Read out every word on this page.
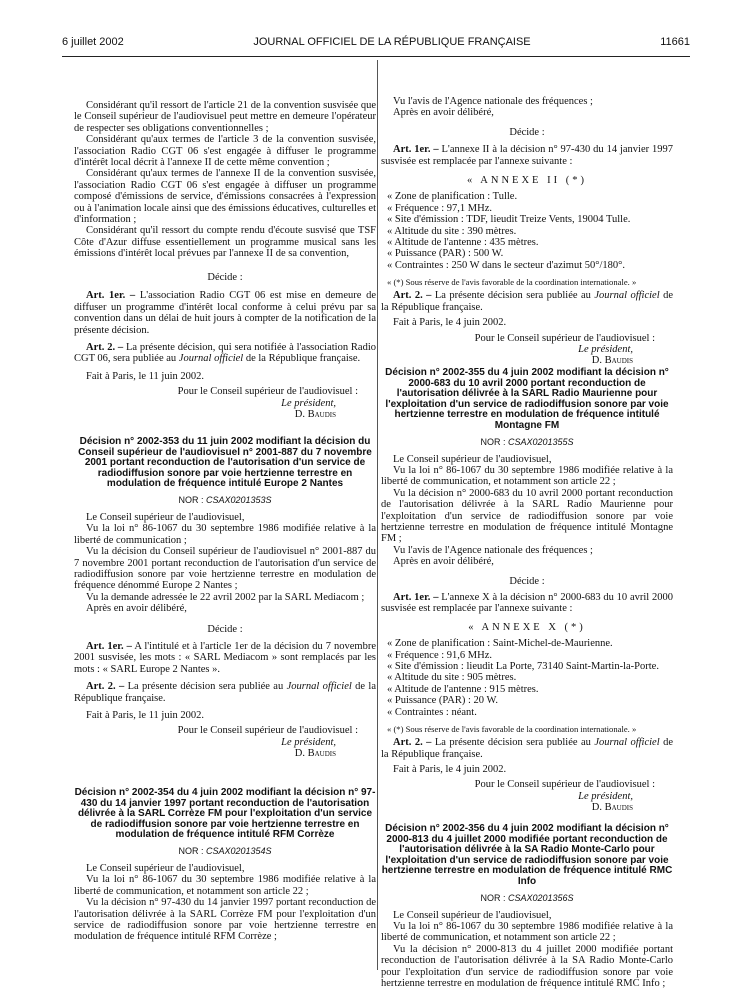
6 juillet 2002	JOURNAL OFFICIEL DE LA RÉPUBLIQUE FRANÇAISE	11661

Considérant qu'il ressort de l'article 21 de la convention susvisée que le Conseil supérieur de l'audiovisuel peut mettre en demeure l'opérateur de respecter ses obligations conventionnelles ;

Considérant qu'aux termes de l'article 3 de la convention susvisée, l'association Radio CGT 06 s'est engagée à diffuser le programme d'intérêt local décrit à l'annexe II de cette même convention ;

Considérant qu'aux termes de l'annexe II de la convention susvisée, l'association Radio CGT 06 s'est engagée à diffuser un programme composé d'émissions de service, d'émissions consacrées à l'expression ou à l'animation locale ainsi que des émissions éducatives, culturelles et d'information ;

Considérant qu'il ressort du compte rendu d'écoute susvisé que TSF Côte d'Azur diffuse essentiellement un programme musical sans les émissions d'intérêt local prévues par l'annexe II de sa convention,

Décide :

Art. 1er. – L'association Radio CGT 06 est mise en demeure de diffuser un programme d'intérêt local conforme à celui prévu par sa convention dans un délai de huit jours à compter de la notification de la présente décision.

Art. 2. – La présente décision, qui sera notifiée à l'association Radio CGT 06, sera publiée au Journal officiel de la République française.

Fait à Paris, le 11 juin 2002.

Pour le Conseil supérieur de l'audiovisuel :

Le président,

D. Baudis

Décision n° 2002-353 du 11 juin 2002 modifiant la décision du Conseil supérieur de l'audiovisuel n° 2001-887 du 7 novembre 2001 portant reconduction de l'autorisation d'un service de radiodiffusion sonore par voie hertzienne terrestre en modulation de fréquence intitulé Europe 2 Nantes
NOR : CSAX0201353S

Le Conseil supérieur de l'audiovisuel,

Vu la loi n° 86-1067 du 30 septembre 1986 modifiée relative à la liberté de communication ;

Vu la décision du Conseil supérieur de l'audiovisuel n° 2001-887 du 7 novembre 2001 portant reconduction de l'autorisation d'un service de radiodiffusion sonore par voie hertzienne terrestre en modulation de fréquence dénommé Europe 2 Nantes ;

Vu la demande adressée le 22 avril 2002 par la SARL Mediacom ;

Après en avoir délibéré,

Décide :

Art. 1er. – A l'intitulé et à l'article 1er de la décision du 7 novembre 2001 susvisée, les mots : « SARL Mediacom » sont remplacés par les mots : « SARL Europe 2 Nantes ».

Art. 2. – La présente décision sera publiée au Journal officiel de la République française.

Fait à Paris, le 11 juin 2002.

Pour le Conseil supérieur de l'audiovisuel :

Le président,

D. Baudis

Décision n° 2002-354 du 4 juin 2002 modifiant la décision n° 97-430 du 14 janvier 1997 portant reconduction de l'autorisation délivrée à la SARL Corrèze FM pour l'exploitation d'un service de radiodiffusion sonore par voie hertzienne terrestre en modulation de fréquence intitulé RFM Corrèze
NOR : CSAX0201354S

Le Conseil supérieur de l'audiovisuel,

Vu la loi n° 86-1067 du 30 septembre 1986 modifiée relative à la liberté de communication, et notamment son article 22 ;

Vu la décision n° 97-430 du 14 janvier 1997 portant reconduction de l'autorisation délivrée à la SARL Corrèze FM pour l'exploitation d'un service de radiodiffusion sonore par voie hertzienne terrestre en modulation de fréquence intitulé RFM Corrèze ;

Vu l'avis de l'Agence nationale des fréquences ;

Après en avoir délibéré,

Décide :

Art. 1er. – L'annexe II à la décision n° 97-430 du 14 janvier 1997 susvisée est remplacée par l'annexe suivante :

« ANNEXE II (*)

« Zone de planification : Tulle.
« Fréquence : 97,1 MHz.
« Site d'émission : TDF, lieudit Treize Vents, 19004 Tulle.
« Altitude du site : 390 mètres.
« Altitude de l'antenne : 435 mètres.
« Puissance (PAR) : 500 W.
« Contraintes : 250 W dans le secteur d'azimut 50°/180°.

« (*) Sous réserve de l'avis favorable de la coordination internationale. »

Art. 2. – La présente décision sera publiée au Journal officiel de la République française.

Fait à Paris, le 4 juin 2002.

Pour le Conseil supérieur de l'audiovisuel :

Le président,

D. Baudis

Décision n° 2002-355 du 4 juin 2002 modifiant la décision n° 2000-683 du 10 avril 2000 portant reconduction de l'autorisation délivrée à la SARL Radio Maurienne pour l'exploitation d'un service de radiodiffusion sonore par voie hertzienne terrestre en modulation de fréquence intitulé Montagne FM
NOR : CSAX0201355S

Le Conseil supérieur de l'audiovisuel,

Vu la loi n° 86-1067 du 30 septembre 1986 modifiée relative à la liberté de communication, et notamment son article 22 ;

Vu la décision n° 2000-683 du 10 avril 2000 portant reconduction de l'autorisation délivrée à la SARL Radio Maurienne pour l'exploitation d'un service de radiodiffusion sonore par voie hertzienne terrestre en modulation de fréquence intitulé Montagne FM ;

Vu l'avis de l'Agence nationale des fréquences ;

Après en avoir délibéré,

Décide :

Art. 1er. – L'annexe X à la décision n° 2000-683 du 10 avril 2000 susvisée est remplacée par l'annexe suivante :

« ANNEXE X (*)

« Zone de planification : Saint-Michel-de-Maurienne.
« Fréquence : 91,6 MHz.
« Site d'émission : lieudit La Porte, 73140 Saint-Martin-la-Porte.
« Altitude du site : 905 mètres.
« Altitude de l'antenne : 915 mètres.
« Puissance (PAR) : 20 W.
« Contraintes : néant.

« (*) Sous réserve de l'avis favorable de la coordination internationale. »

Art. 2. – La présente décision sera publiée au Journal officiel de la République française.

Fait à Paris, le 4 juin 2002.

Pour le Conseil supérieur de l'audiovisuel :

Le président,

D. Baudis

Décision n° 2002-356 du 4 juin 2002 modifiant la décision n° 2000-813 du 4 juillet 2000 modifiée portant reconduction de l'autorisation délivrée à la SA Radio Monte-Carlo pour l'exploitation d'un service de radiodiffusion sonore par voie hertzienne terrestre en modulation de fréquence intitulé RMC Info
NOR : CSAX0201356S

Le Conseil supérieur de l'audiovisuel,

Vu la loi n° 86-1067 du 30 septembre 1986 modifiée relative à la liberté de communication, et notamment son article 22 ;

Vu la décision n° 2000-813 du 4 juillet 2000 modifiée portant reconduction de l'autorisation délivrée à la SA Radio Monte-Carlo pour l'exploitation d'un service de radiodiffusion sonore par voie hertzienne terrestre en modulation de fréquence intitulé RMC Info ;
